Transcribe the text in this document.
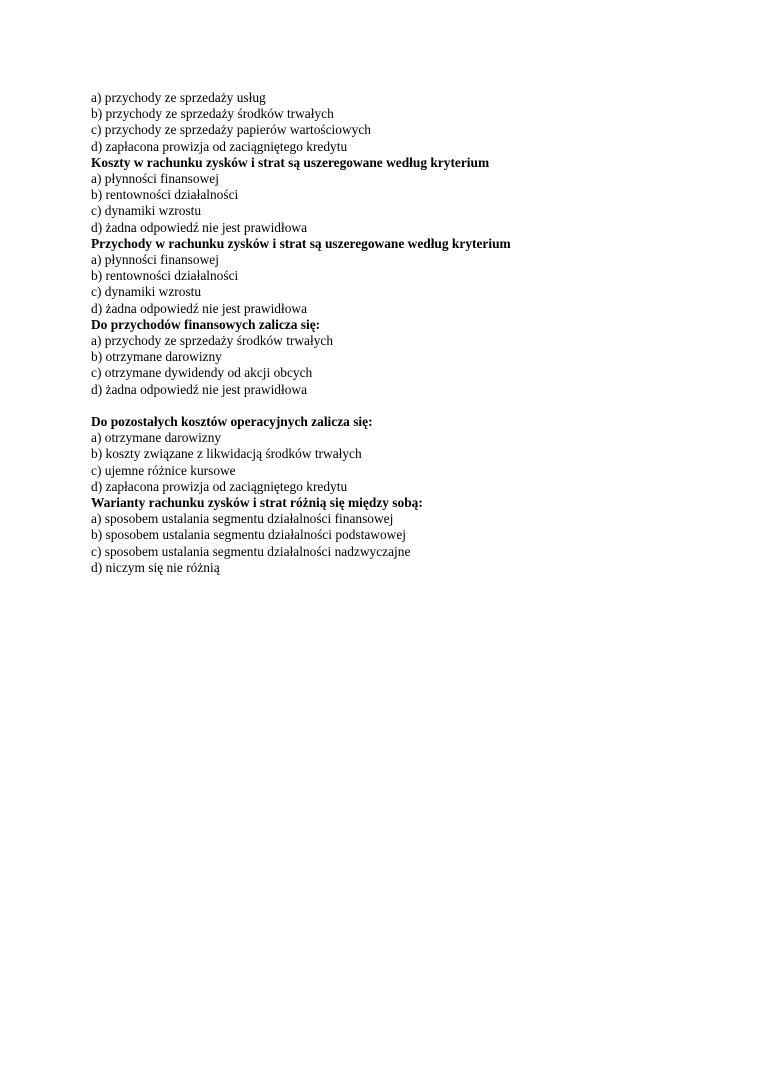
a) przychody ze sprzedaży usług
b) przychody ze sprzedaży środków trwałych
c) przychody ze sprzedaży papierów wartościowych
d) zapłacona prowizja od zaciągniętego kredytu
Koszty w rachunku zysków i strat są uszeregowane według kryterium
a) płynności finansowej
b) rentowności działalności
c) dynamiki wzrostu
d) żadna odpowiedź nie jest prawidłowa
Przychody w rachunku zysków i strat są uszeregowane według kryterium
a) płynności finansowej
b) rentowności działalności
c) dynamiki wzrostu
d) żadna odpowiedź nie jest prawidłowa
Do przychodów finansowych zalicza się:
a) przychody ze sprzedaży środków trwałych
b) otrzymane darowizny
c) otrzymane dywidendy od akcji obcych
d) żadna odpowiedź nie jest prawidłowa
Do pozostałych kosztów operacyjnych zalicza się:
a) otrzymane darowizny
b) koszty związane z likwidacją środków trwałych
c) ujemne różnice kursowe
d) zapłacona prowizja od zaciągniętego kredytu
Warianty rachunku zysków i strat różnią się między sobą:
a) sposobem ustalania segmentu działalności finansowej
b) sposobem ustalania segmentu działalności podstawowej
c) sposobem ustalania segmentu działalności nadzwyczajne
d) niczym się nie różnią
